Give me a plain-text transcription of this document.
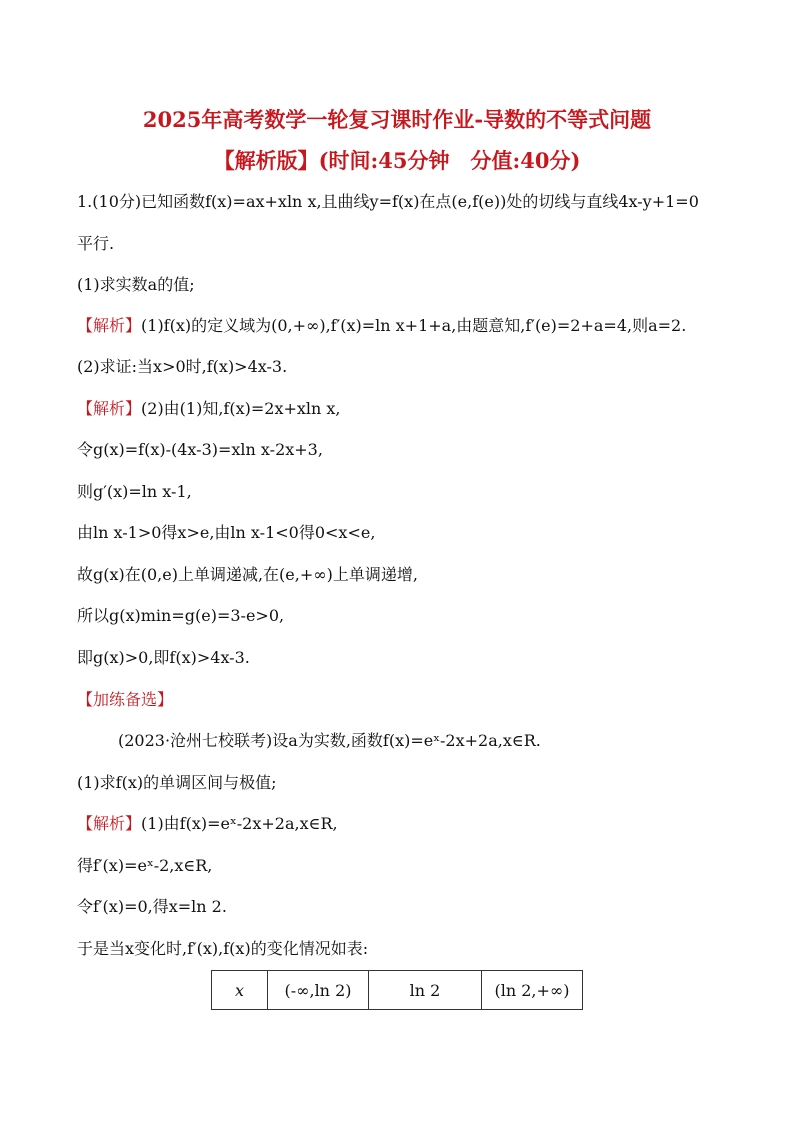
2025年高考数学一轮复习课时作业-导数的不等式问题
【解析版】(时间:45分钟　分值:40分)
1.(10分)已知函数f(x)=ax+xln x,且曲线y=f(x)在点(e,f(e))处的切线与直线4x-y+1=0
平行.
(1)求实数a的值;
【解析】(1)f(x)的定义域为(0,+∞),f′(x)=ln x+1+a,由题意知,f′(e)=2+a=4,则a=2.
(2)求证:当x>0时,f(x)>4x-3.
【解析】(2)由(1)知,f(x)=2x+xln x,
令g(x)=f(x)-(4x-3)=xln x-2x+3,
则g′(x)=ln x-1,
由ln x-1>0得x>e,由ln x-1<0得0<x<e,
故g(x)在(0,e)上单调递减,在(e,+∞)上单调递增,
所以g(x)min=g(e)=3-e>0,
即g(x)>0,即f(x)>4x-3.
【加练备选】
(2023·沧州七校联考)设a为实数,函数f(x)=eˣ-2x+2a,x∈R.
(1)求f(x)的单调区间与极值;
【解析】(1)由f(x)=eˣ-2x+2a,x∈R,
得f′(x)=eˣ-2,x∈R,
令f′(x)=0,得x=ln 2.
于是当x变化时,f′(x),f(x)的变化情况如表:
x	(-∞,ln 2)	ln 2	(ln 2,+∞)
